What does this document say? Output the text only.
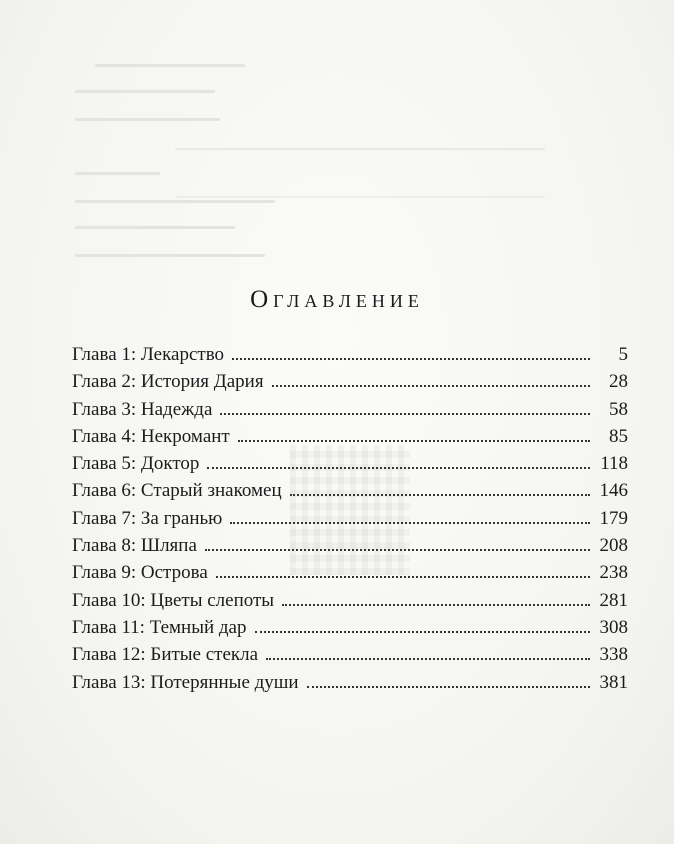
Оглавление
Глава 1: Лекарство	5
Глава 2: История Дария	28
Глава 3: Надежда	58
Глава 4: Некромант	85
Глава 5: Доктор	118
Глава 6: Старый знакомец	146
Глава 7: За гранью	179
Глава 8: Шляпа	208
Глава 9: Острова	238
Глава 10: Цветы слепоты	281
Глава 11: Темный дар	308
Глава 12: Битые стекла	338
Глава 13: Потерянные души	381
